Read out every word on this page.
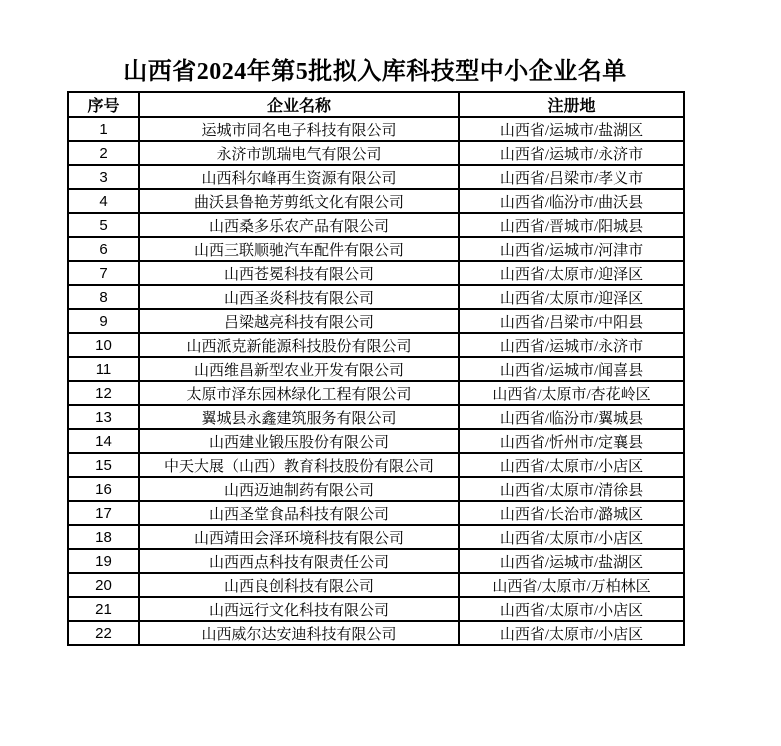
山西省2024年第5批拟入库科技型中小企业名单
序号	企业名称	注册地
1	运城市同名电子科技有限公司	山西省/运城市/盐湖区
2	永济市凯瑞电气有限公司	山西省/运城市/永济市
3	山西科尔峰再生资源有限公司	山西省/吕梁市/孝义市
4	曲沃县鲁艳芳剪纸文化有限公司	山西省/临汾市/曲沃县
5	山西桑多乐农产品有限公司	山西省/晋城市/阳城县
6	山西三联顺驰汽车配件有限公司	山西省/运城市/河津市
7	山西苍冕科技有限公司	山西省/太原市/迎泽区
8	山西圣炎科技有限公司	山西省/太原市/迎泽区
9	吕梁越亮科技有限公司	山西省/吕梁市/中阳县
10	山西派克新能源科技股份有限公司	山西省/运城市/永济市
11	山西维昌新型农业开发有限公司	山西省/运城市/闻喜县
12	太原市泽东园林绿化工程有限公司	山西省/太原市/杏花岭区
13	翼城县永鑫建筑服务有限公司	山西省/临汾市/翼城县
14	山西建业锻压股份有限公司	山西省/忻州市/定襄县
15	中天大展（山西）教育科技股份有限公司	山西省/太原市/小店区
16	山西迈迪制药有限公司	山西省/太原市/清徐县
17	山西圣堂食品科技有限公司	山西省/长治市/潞城区
18	山西靖田会泽环境科技有限公司	山西省/太原市/小店区
19	山西西点科技有限责任公司	山西省/运城市/盐湖区
20	山西良创科技有限公司	山西省/太原市/万柏林区
21	山西远行文化科技有限公司	山西省/太原市/小店区
22	山西威尔达安迪科技有限公司	山西省/太原市/小店区
